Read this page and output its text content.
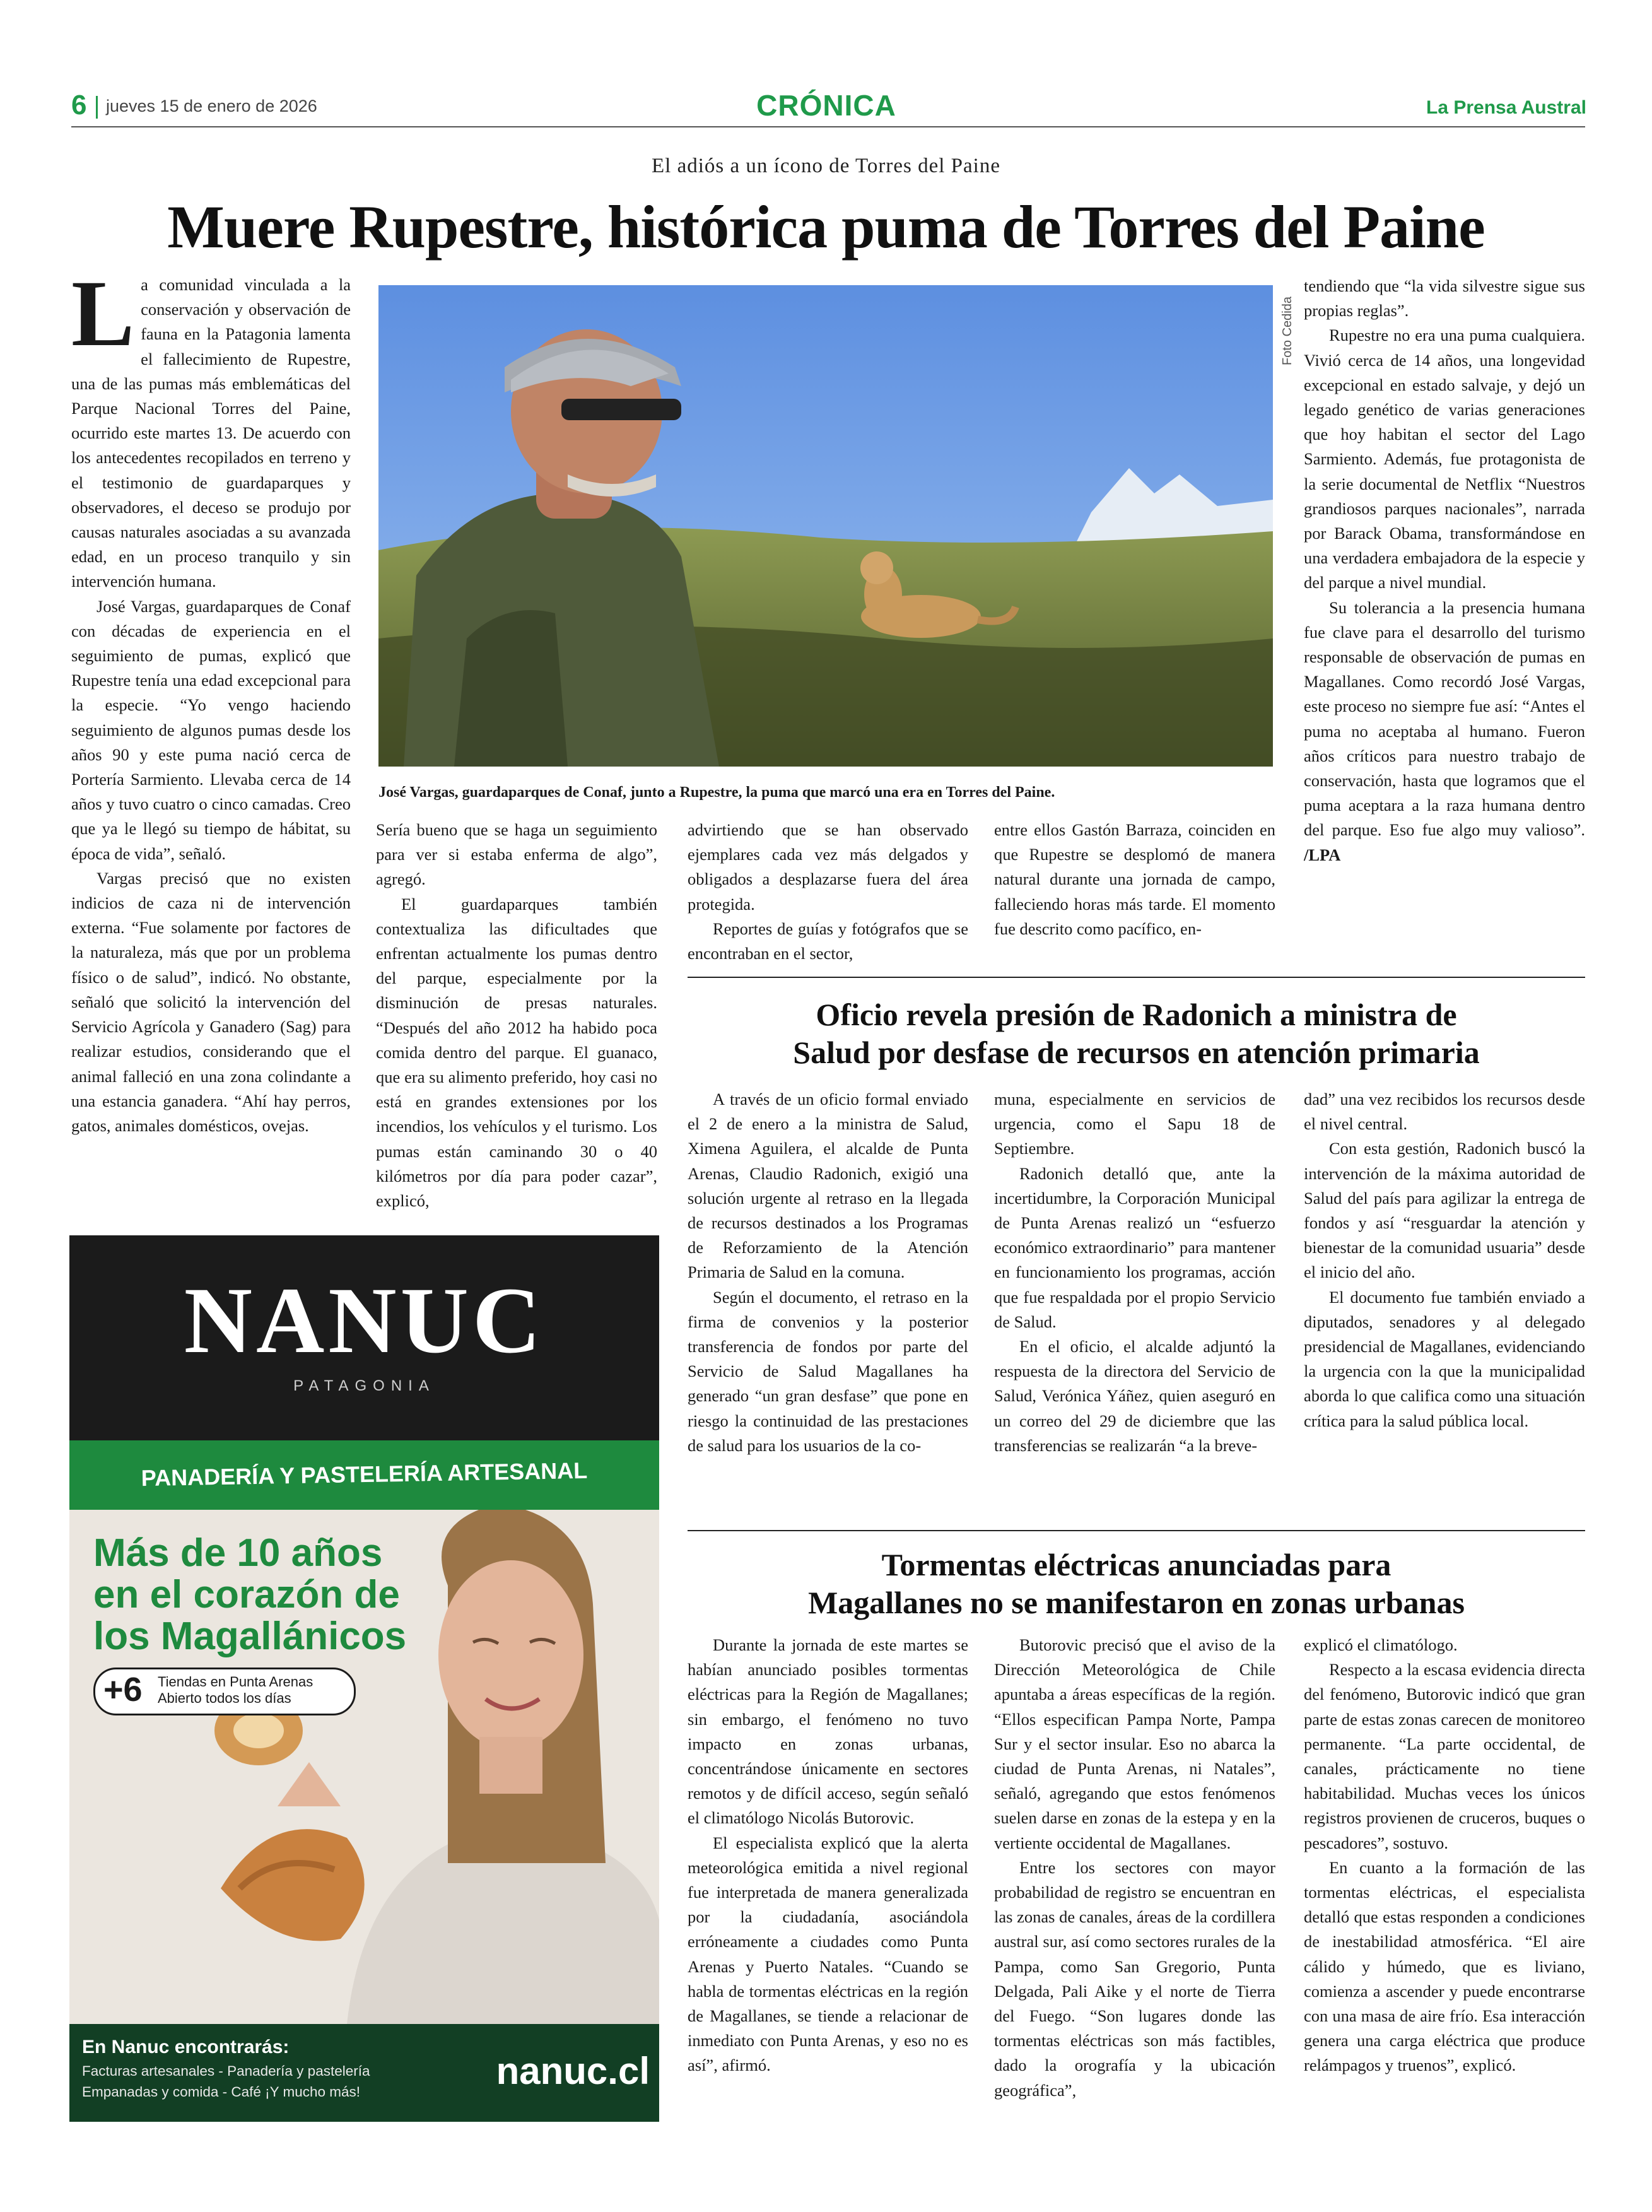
6 jueves 15 de enero de 2026	CRÓNICA	La Prensa Austral
El adiós a un ícono de Torres del Paine
Muere Rupestre, histórica puma de Torres del Paine

La comunidad vinculada a la conservación y observación de fauna en la Patagonia lamenta el fallecimiento de Rupestre, una de las pumas más emblemáticas del Parque Nacional Torres del Paine, ocurrido este martes 13. De acuerdo con los antecedentes recopilados en terreno y el testimonio de guardaparques y observadores, el deceso se produjo por causas naturales asociadas a su avanzada edad, en un proceso tranquilo y sin intervención humana.

José Vargas, guardaparques de Conaf con décadas de experiencia en el seguimiento de pumas, explicó que Rupestre tenía una edad excepcional para la especie. “Yo vengo haciendo seguimiento de algunos pumas desde los años 90 y este puma nació cerca de Portería Sarmiento. Llevaba cerca de 14 años y tuvo cuatro o cinco camadas. Creo que ya le llegó su tiempo de hábitat, su época de vida”, señaló.

Vargas precisó que no existen indicios de caza ni de intervención externa. “Fue solamente por factores de la naturaleza, más que por un problema físico o de salud”, indicó. No obstante, señaló que solicitó la intervención del Servicio Agrícola y Ganadero (Sag) para realizar estudios, considerando que el animal falleció en una zona colindante a una estancia ganadera. “Ahí hay perros, gatos, animales domésticos, ovejas.

Foto Cedida
José Vargas, guardaparques de Conaf, junto a Rupestre, la puma que marcó una era en Torres del Paine.

Sería bueno que se haga un seguimiento para ver si estaba enferma de algo”, agregó.

El guardaparques también contextualiza las dificultades que enfrentan actualmente los pumas dentro del parque, especialmente por la disminución de presas naturales. “Después del año 2012 ha habido poca comida dentro del parque. El guanaco, que era su alimento preferido, hoy casi no está en grandes extensiones por los incendios, los vehículos y el turismo. Los pumas están caminando 30 o 40 kilómetros por día para poder cazar”, explicó,

advirtiendo que se han observado ejemplares cada vez más delgados y obligados a desplazarse fuera del área protegida.

Reportes de guías y fotógrafos que se encontraban en el sector,

entre ellos Gastón Barraza, coinciden en que Rupestre se desplomó de manera natural durante una jornada de campo, falleciendo horas más tarde. El momento fue descrito como pacífico, en-

tendiendo que “la vida silvestre sigue sus propias reglas”.

Rupestre no era una puma cualquiera. Vivió cerca de 14 años, una longevidad excepcional en estado salvaje, y dejó un legado genético de varias generaciones que hoy habitan el sector del Lago Sarmiento. Además, fue protagonista de la serie documental de Netflix “Nuestros grandiosos parques nacionales”, narrada por Barack Obama, transformándose en una verdadera embajadora de la especie y del parque a nivel mundial.

Su tolerancia a la presencia humana fue clave para el desarrollo del turismo responsable de observación de pumas en Magallanes. Como recordó José Vargas, este proceso no siempre fue así: “Antes el puma no aceptaba al humano. Fueron años críticos para nuestro trabajo de conservación, hasta que logramos que el puma aceptara a la raza humana dentro del parque. Eso fue algo muy valioso”. /LPA

Oficio revela presión de Radonich a ministra de
Salud por desfase de recursos en atención primaria

A través de un oficio formal enviado el 2 de enero a la ministra de Salud, Ximena Aguilera, el alcalde de Punta Arenas, Claudio Radonich, exigió una solución urgente al retraso en la llegada de recursos destinados a los Programas de Reforzamiento de la Atención Primaria de Salud en la comuna.

Según el documento, el retraso en la firma de convenios y la posterior transferencia de fondos por parte del Servicio de Salud Magallanes ha generado “un gran desfase” que pone en riesgo la continuidad de las prestaciones de salud para los usuarios de la co-

muna, especialmente en servicios de urgencia, como el Sapu 18 de Septiembre.

Radonich detalló que, ante la incertidumbre, la Corporación Municipal de Punta Arenas realizó un “esfuerzo económico extraordinario” para mantener en funcionamiento los programas, acción que fue respaldada por el propio Servicio de Salud.

En el oficio, el alcalde adjuntó la respuesta de la directora del Servicio de Salud, Verónica Yáñez, quien aseguró en un correo del 29 de diciembre que las transferencias se realizarán “a la breve-

dad” una vez recibidos los recursos desde el nivel central.

Con esta gestión, Radonich buscó la intervención de la máxima autoridad de Salud del país para agilizar la entrega de fondos y así “resguardar la atención y bienestar de la comunidad usuaria” desde el inicio del año.

El documento fue también enviado a diputados, senadores y al delegado presidencial de Magallanes, evidenciando la urgencia con la que la municipalidad aborda lo que califica como una situación crítica para la salud pública local.

Tormentas eléctricas anunciadas para
Magallanes no se manifestaron en zonas urbanas

Durante la jornada de este martes se habían anunciado posibles tormentas eléctricas para la Región de Magallanes; sin embargo, el fenómeno no tuvo impacto en zonas urbanas, concentrándose únicamente en sectores remotos y de difícil acceso, según señaló el climatólogo Nicolás Butorovic.

El especialista explicó que la alerta meteorológica emitida a nivel regional fue interpretada de manera generalizada por la ciudadanía, asociándola erróneamente a ciudades como Punta Arenas y Puerto Natales. “Cuando se habla de tormentas eléctricas en la región de Magallanes, se tiende a relacionar de inmediato con Punta Arenas, y eso no es así”, afirmó.

Butorovic precisó que el aviso de la Dirección Meteorológica de Chile apuntaba a áreas específicas de la región. “Ellos especifican Pampa Norte, Pampa Sur y el sector insular. Eso no abarca la ciudad de Punta Arenas, ni Natales”, señaló, agregando que estos fenómenos suelen darse en zonas de la estepa y en la vertiente occidental de Magallanes.

Entre los sectores con mayor probabilidad de registro se encuentran en las zonas de canales, áreas de la cordillera austral sur, así como sectores rurales de la Pampa, como San Gregorio, Punta Delgada, Pali Aike y el norte de Tierra del Fuego. “Son lugares donde las tormentas eléctricas son más factibles, dado la orografía y la ubicación geográfica”,

explicó el climatólogo.

Respecto a la escasa evidencia directa del fenómeno, Butorovic indicó que gran parte de estas zonas carecen de monitoreo permanente. “La parte occidental, de canales, prácticamente no tiene habitabilidad. Muchas veces los únicos registros provienen de cruceros, buques o pescadores”, sostuvo.

En cuanto a la formación de las tormentas eléctricas, el especialista detalló que estas responden a condiciones de inestabilidad atmosférica. “El aire cálido y húmedo, que es liviano, comienza a ascender y puede encontrarse con una masa de aire frío. Esa interacción genera una carga eléctrica que produce relámpagos y truenos”, explicó.

NANUC
PATAGONIA
PANADERÍA Y PASTELERÍA ARTESANAL
Más de 10 años
en el corazón de
los Magallánicos
+6 Tiendas en Punta Arenas
Abierto todos los días
En Nanuc encontrarás:
Facturas artesanales - Panadería y pastelería
Empanadas y comida - Café ¡Y mucho más!	nanuc.cl
